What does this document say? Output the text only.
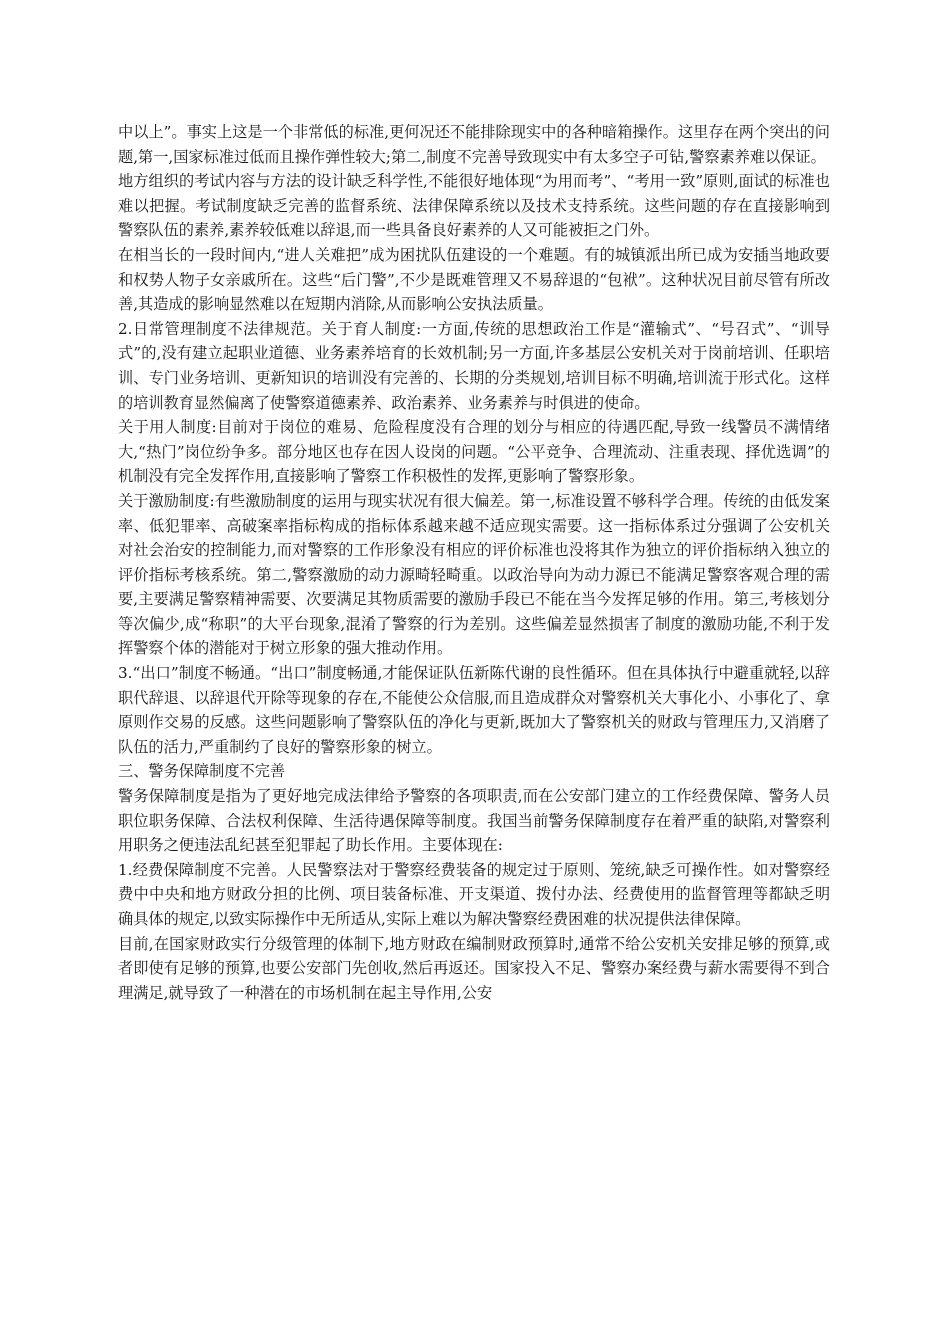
中以上”。事实上这是一个非常低的标准,更何况还不能排除现实中的各种暗箱操作。这里存在两个突出的问题,第一,国家标准过低而且操作弹性较大;第二,制度不完善导致现实中有太多空子可钻,警察素养难以保证。

地方组织的考试内容与方法的设计缺乏科学性,不能很好地体现“为用而考”、“考用一致”原则,面试的标准也难以把握。考试制度缺乏完善的监督系统、法律保障系统以及技术支持系统。这些问题的存在直接影响到警察队伍的素养,素养较低难以辞退,而一些具备良好素养的人又可能被拒之门外。

在相当长的一段时间内,“进人关难把”成为困扰队伍建设的一个难题。有的城镇派出所已成为安插当地政要和权势人物子女亲戚所在。这些“后门警”,不少是既难管理又不易辞退的“包袱”。这种状况目前尽管有所改善,其造成的影响显然难以在短期内消除,从而影响公安执法质量。

2.日常管理制度不法律规范。关于育人制度:一方面,传统的思想政治工作是“灌输式”、“号召式”、“训导式”的,没有建立起职业道德、业务素养培育的长效机制;另一方面,许多基层公安机关对于岗前培训、任职培训、专门业务培训、更新知识的培训没有完善的、长期的分类规划,培训目标不明确,培训流于形式化。这样的培训教育显然偏离了使警察道德素养、政治素养、业务素养与时俱进的使命。

关于用人制度:目前对于岗位的难易、危险程度没有合理的划分与相应的待遇匹配,导致一线警员不满情绪大,“热门”岗位纷争多。部分地区也存在因人设岗的问题。“公平竞争、合理流动、注重表现、择优选调”的机制没有完全发挥作用,直接影响了警察工作积极性的发挥,更影响了警察形象。

关于激励制度:有些激励制度的运用与现实状况有很大偏差。第一,标准设置不够科学合理。传统的由低发案率、低犯罪率、高破案率指标构成的指标体系越来越不适应现实需要。这一指标体系过分强调了公安机关对社会治安的控制能力,而对警察的工作形象没有相应的评价标准也没将其作为独立的评价指标纳入独立的评价指标考核系统。第二,警察激励的动力源畸轻畸重。以政治导向为动力源已不能满足警察客观合理的需要,主要满足警察精神需要、次要满足其物质需要的激励手段已不能在当今发挥足够的作用。第三,考核划分等次偏少,成“称职”的大平台现象,混淆了警察的行为差别。这些偏差显然损害了制度的激励功能,不利于发挥警察个体的潜能对于树立形象的强大推动作用。

3.“出口”制度不畅通。“出口”制度畅通,才能保证队伍新陈代谢的良性循环。但在具体执行中避重就轻,以辞职代辞退、以辞退代开除等现象的存在,不能使公众信服,而且造成群众对警察机关大事化小、小事化了、拿原则作交易的反感。这些问题影响了警察队伍的净化与更新,既加大了警察机关的财政与管理压力,又消磨了队伍的活力,严重制约了良好的警察形象的树立。

三、警务保障制度不完善

警务保障制度是指为了更好地完成法律给予警察的各项职责,而在公安部门建立的工作经费保障、警务人员职位职务保障、合法权利保障、生活待遇保障等制度。我国当前警务保障制度存在着严重的缺陷,对警察利用职务之便违法乱纪甚至犯罪起了助长作用。主要体现在:

1.经费保障制度不完善。人民警察法对于警察经费装备的规定过于原则、笼统,缺乏可操作性。如对警察经费中中央和地方财政分担的比例、项目装备标准、开支渠道、拨付办法、经费使用的监督管理等都缺乏明确具体的规定,以致实际操作中无所适从,实际上难以为解决警察经费困难的状况提供法律保障。

目前,在国家财政实行分级管理的体制下,地方财政在编制财政预算时,通常不给公安机关安排足够的预算,或者即使有足够的预算,也要公安部门先创收,然后再返还。国家投入不足、警察办案经费与薪水需要得不到合理满足,就导致了一种潜在的市场机制在起主导作用,公安
